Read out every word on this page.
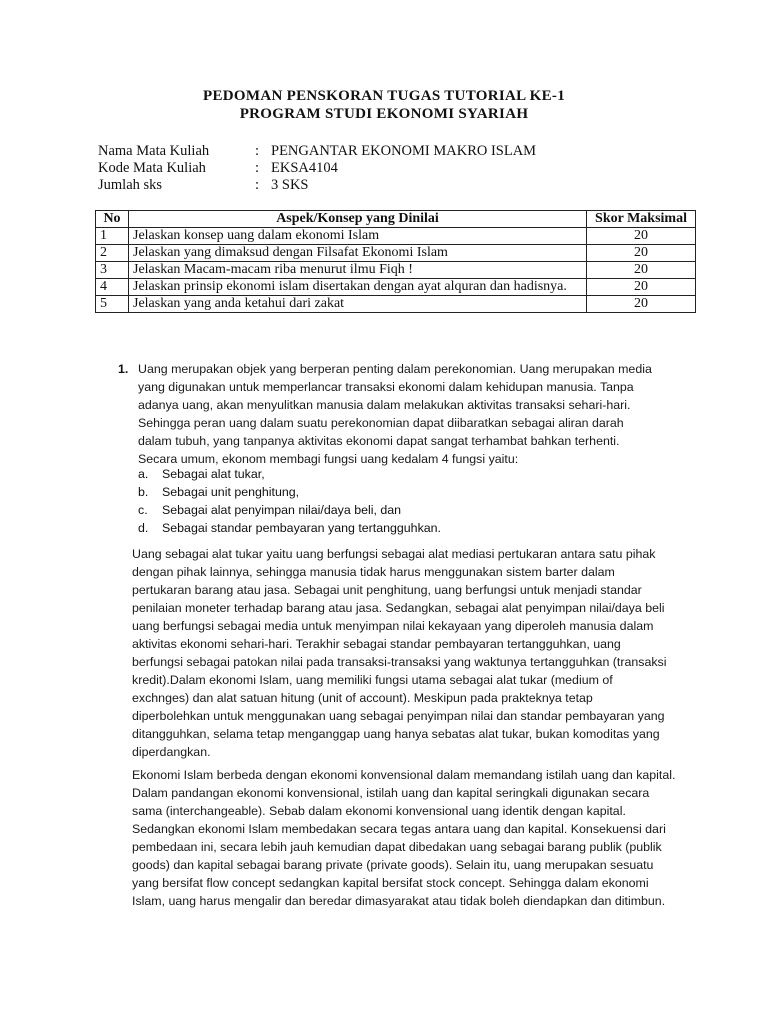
PEDOMAN PENSKORAN TUGAS TUTORIAL KE-1
PROGRAM STUDI EKONOMI SYARIAH
Nama Mata Kuliah	: PENGANTAR EKONOMI MAKRO ISLAM
Kode Mata Kuliah	: EKSA4104
Jumlah sks	: 3 SKS
No	Aspek/Konsep yang Dinilai	Skor Maksimal
1	Jelaskan konsep uang dalam ekonomi Islam	20
2	Jelaskan yang dimaksud dengan Filsafat Ekonomi Islam	20
3	Jelaskan Macam-macam riba menurut ilmu Fiqh !	20
4	Jelaskan prinsip ekonomi islam disertakan dengan ayat alquran dan hadisnya.	20
5	Jelaskan yang anda ketahui dari zakat	20
1. Uang merupakan objek yang berperan penting dalam perekonomian. Uang merupakan media yang digunakan untuk memperlancar transaksi ekonomi dalam kehidupan manusia. Tanpa adanya uang, akan menyulitkan manusia dalam melakukan aktivitas transaksi sehari-hari. Sehingga peran uang dalam suatu perekonomian dapat diibaratkan sebagai aliran darah dalam tubuh, yang tanpanya aktivitas ekonomi dapat sangat terhambat bahkan terhenti. Secara umum, ekonom membagi fungsi uang kedalam 4 fungsi yaitu:
a. Sebagai alat tukar,
b. Sebagai unit penghitung,
c. Sebagai alat penyimpan nilai/daya beli, dan
d. Sebagai standar pembayaran yang tertangguhkan.
Uang sebagai alat tukar yaitu uang berfungsi sebagai alat mediasi pertukaran antara satu pihak dengan pihak lainnya, sehingga manusia tidak harus menggunakan sistem barter dalam pertukaran barang atau jasa. Sebagai unit penghitung, uang berfungsi untuk menjadi standar penilaian moneter terhadap barang atau jasa. Sedangkan, sebagai alat penyimpan nilai/daya beli uang berfungsi sebagai media untuk menyimpan nilai kekayaan yang diperoleh manusia dalam aktivitas ekonomi sehari-hari. Terakhir sebagai standar pembayaran tertangguhkan, uang berfungsi sebagai patokan nilai pada transaksi-transaksi yang waktunya tertangguhkan (transaksi kredit).Dalam ekonomi Islam, uang memiliki fungsi utama sebagai alat tukar (medium of exchnges) dan alat satuan hitung (unit of account). Meskipun pada prakteknya tetap diperbolehkan untuk menggunakan uang sebagai penyimpan nilai dan standar pembayaran yang ditangguhkan, selama tetap menganggap uang hanya sebatas alat tukar, bukan komoditas yang diperdangkan.
Ekonomi Islam berbeda dengan ekonomi konvensional dalam memandang istilah uang dan kapital. Dalam pandangan ekonomi konvensional, istilah uang dan kapital seringkali digunakan secara sama (interchangeable). Sebab dalam ekonomi konvensional uang identik dengan kapital. Sedangkan ekonomi Islam membedakan secara tegas antara uang dan kapital. Konsekuensi dari pembedaan ini, secara lebih jauh kemudian dapat dibedakan uang sebagai barang publik (publik goods) dan kapital sebagai barang private (private goods). Selain itu, uang merupakan sesuatu yang bersifat flow concept sedangkan kapital bersifat stock concept. Sehingga dalam ekonomi Islam, uang harus mengalir dan beredar dimasyarakat atau tidak boleh diendapkan dan ditimbun.
